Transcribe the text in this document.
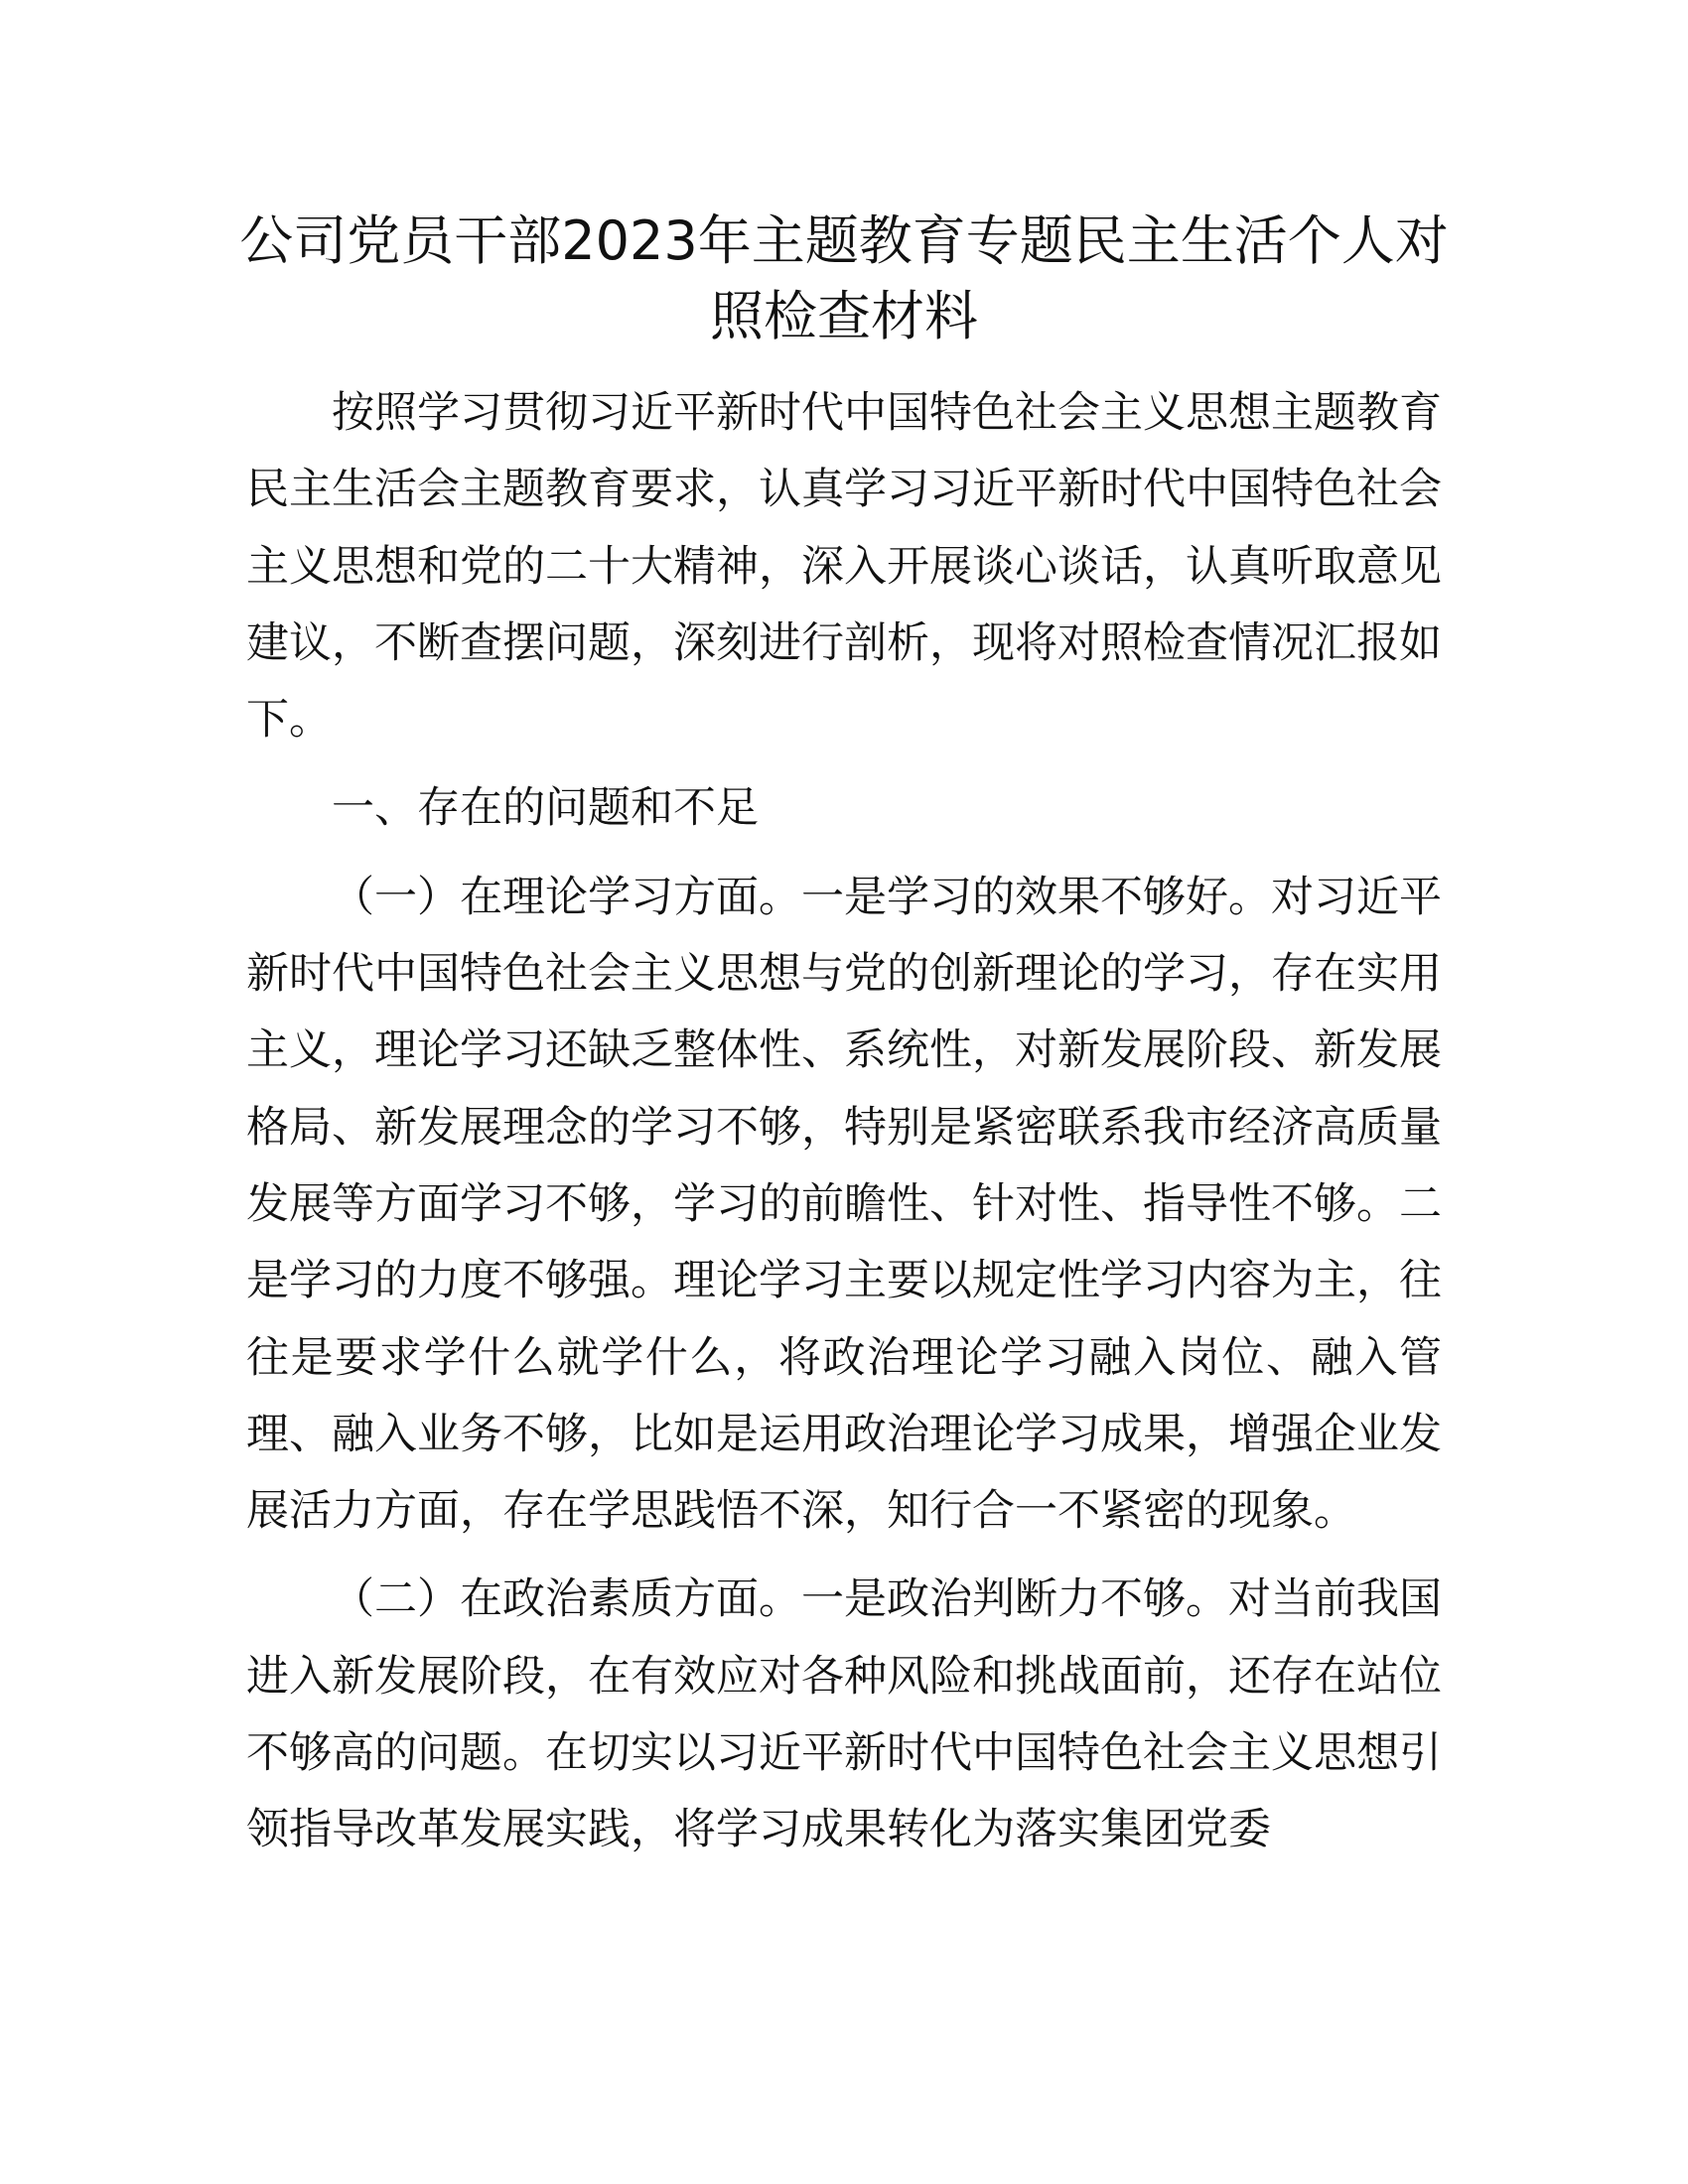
公司党员干部2023年主题教育专题民主生活个人对照检查材料

按照学习贯彻习近平新时代中国特色社会主义思想主题教育民主生活会主题教育要求，认真学习习近平新时代中国特色社会主义思想和党的二十大精神，深入开展谈心谈话，认真听取意见建议，不断查摆问题，深刻进行剖析，现将对照检查情况汇报如下。

一、存在的问题和不足

（一）在理论学习方面。一是学习的效果不够好。对习近平新时代中国特色社会主义思想与党的创新理论的学习，存在实用主义，理论学习还缺乏整体性、系统性，对新发展阶段、新发展格局、新发展理念的学习不够，特别是紧密联系我市经济高质量发展等方面学习不够，学习的前瞻性、针对性、指导性不够。二是学习的力度不够强。理论学习主要以规定性学习内容为主，往往是要求学什么就学什么，将政治理论学习融入岗位、融入管理、融入业务不够，比如是运用政治理论学习成果，增强企业发展活力方面，存在学思践悟不深，知行合一不紧密的现象。

（二）在政治素质方面。一是政治判断力不够。对当前我国进入新发展阶段，在有效应对各种风险和挑战面前，还存在站位不够高的问题。在切实以习近平新时代中国特色社会主义思想引领指导改革发展实践，将学习成果转化为落实集团党委
